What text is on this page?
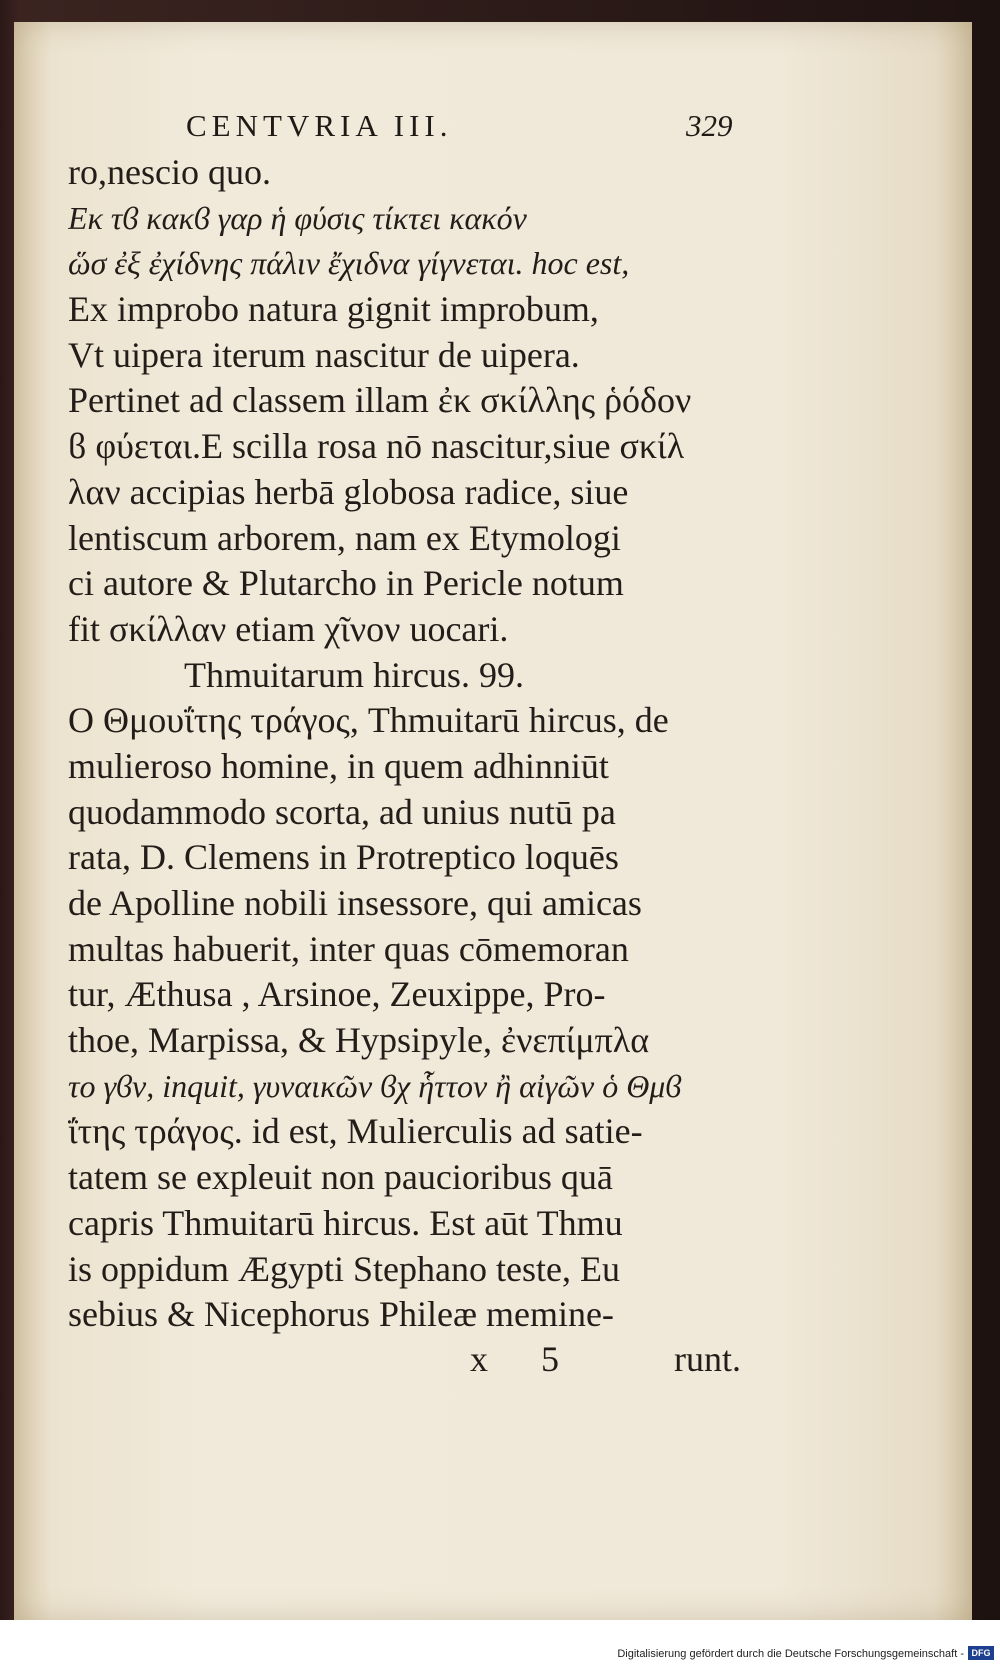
CENTVRIA III.	329
ro,nescio quo.
Εκ τϐ κακϐ γαρ ἡ φύσις τίκτει κακόν
ὥσ ἐξ ἐχίδνης πάλιν ἔχιδνα γίγνεται. hoc est,
Ex improbo natura gignit improbum,
Vt uipera iterum nascitur de uipera.
Pertinet ad classem illam ἐκ σκίλλης ῥόδον
ϐ φύεται.E scilla rosa nō nascitur,siue σκίλ
λαν accipias herbā globosa radice, siue
lentiscum arborem, nam ex Etymologi
ci autore & Plutarcho in Pericle notum
fit σκίλλαν etiam χῖνον uocari.
Thmuitarum hircus. 99.
Ο Θμουΐτης τράγος, Thmuitarū hircus, de
mulieroso homine, in quem adhinniūt
quodammodo scorta, ad unius nutū pa
rata, D. Clemens in Protreptico loquēs
de Apolline nobili insessore, qui amicas
multas habuerit, inter quas cōmemoran
tur, Æthusa , Arsinoe, Zeuxippe, Pro-
thoe, Marpissa, & Hypsipyle, ἐνεπίμπλα
το γϐν, inquit, γυναικῶν ϐχ ἧττον ἢ αἰγῶν ὁ Θμϐ
ΐτης τράγος. id est, Mulierculis ad satie-
tatem se expleuit non paucioribus quā
capris Thmuitarū hircus. Est aūt Thmu
is oppidum Ægypti Stephano teste, Eu
sebius & Nicephorus Phileæ memine-
x 5	runt.
Digitalisierung gefördert durch die Deutsche Forschungsgemeinschaft - DFG
